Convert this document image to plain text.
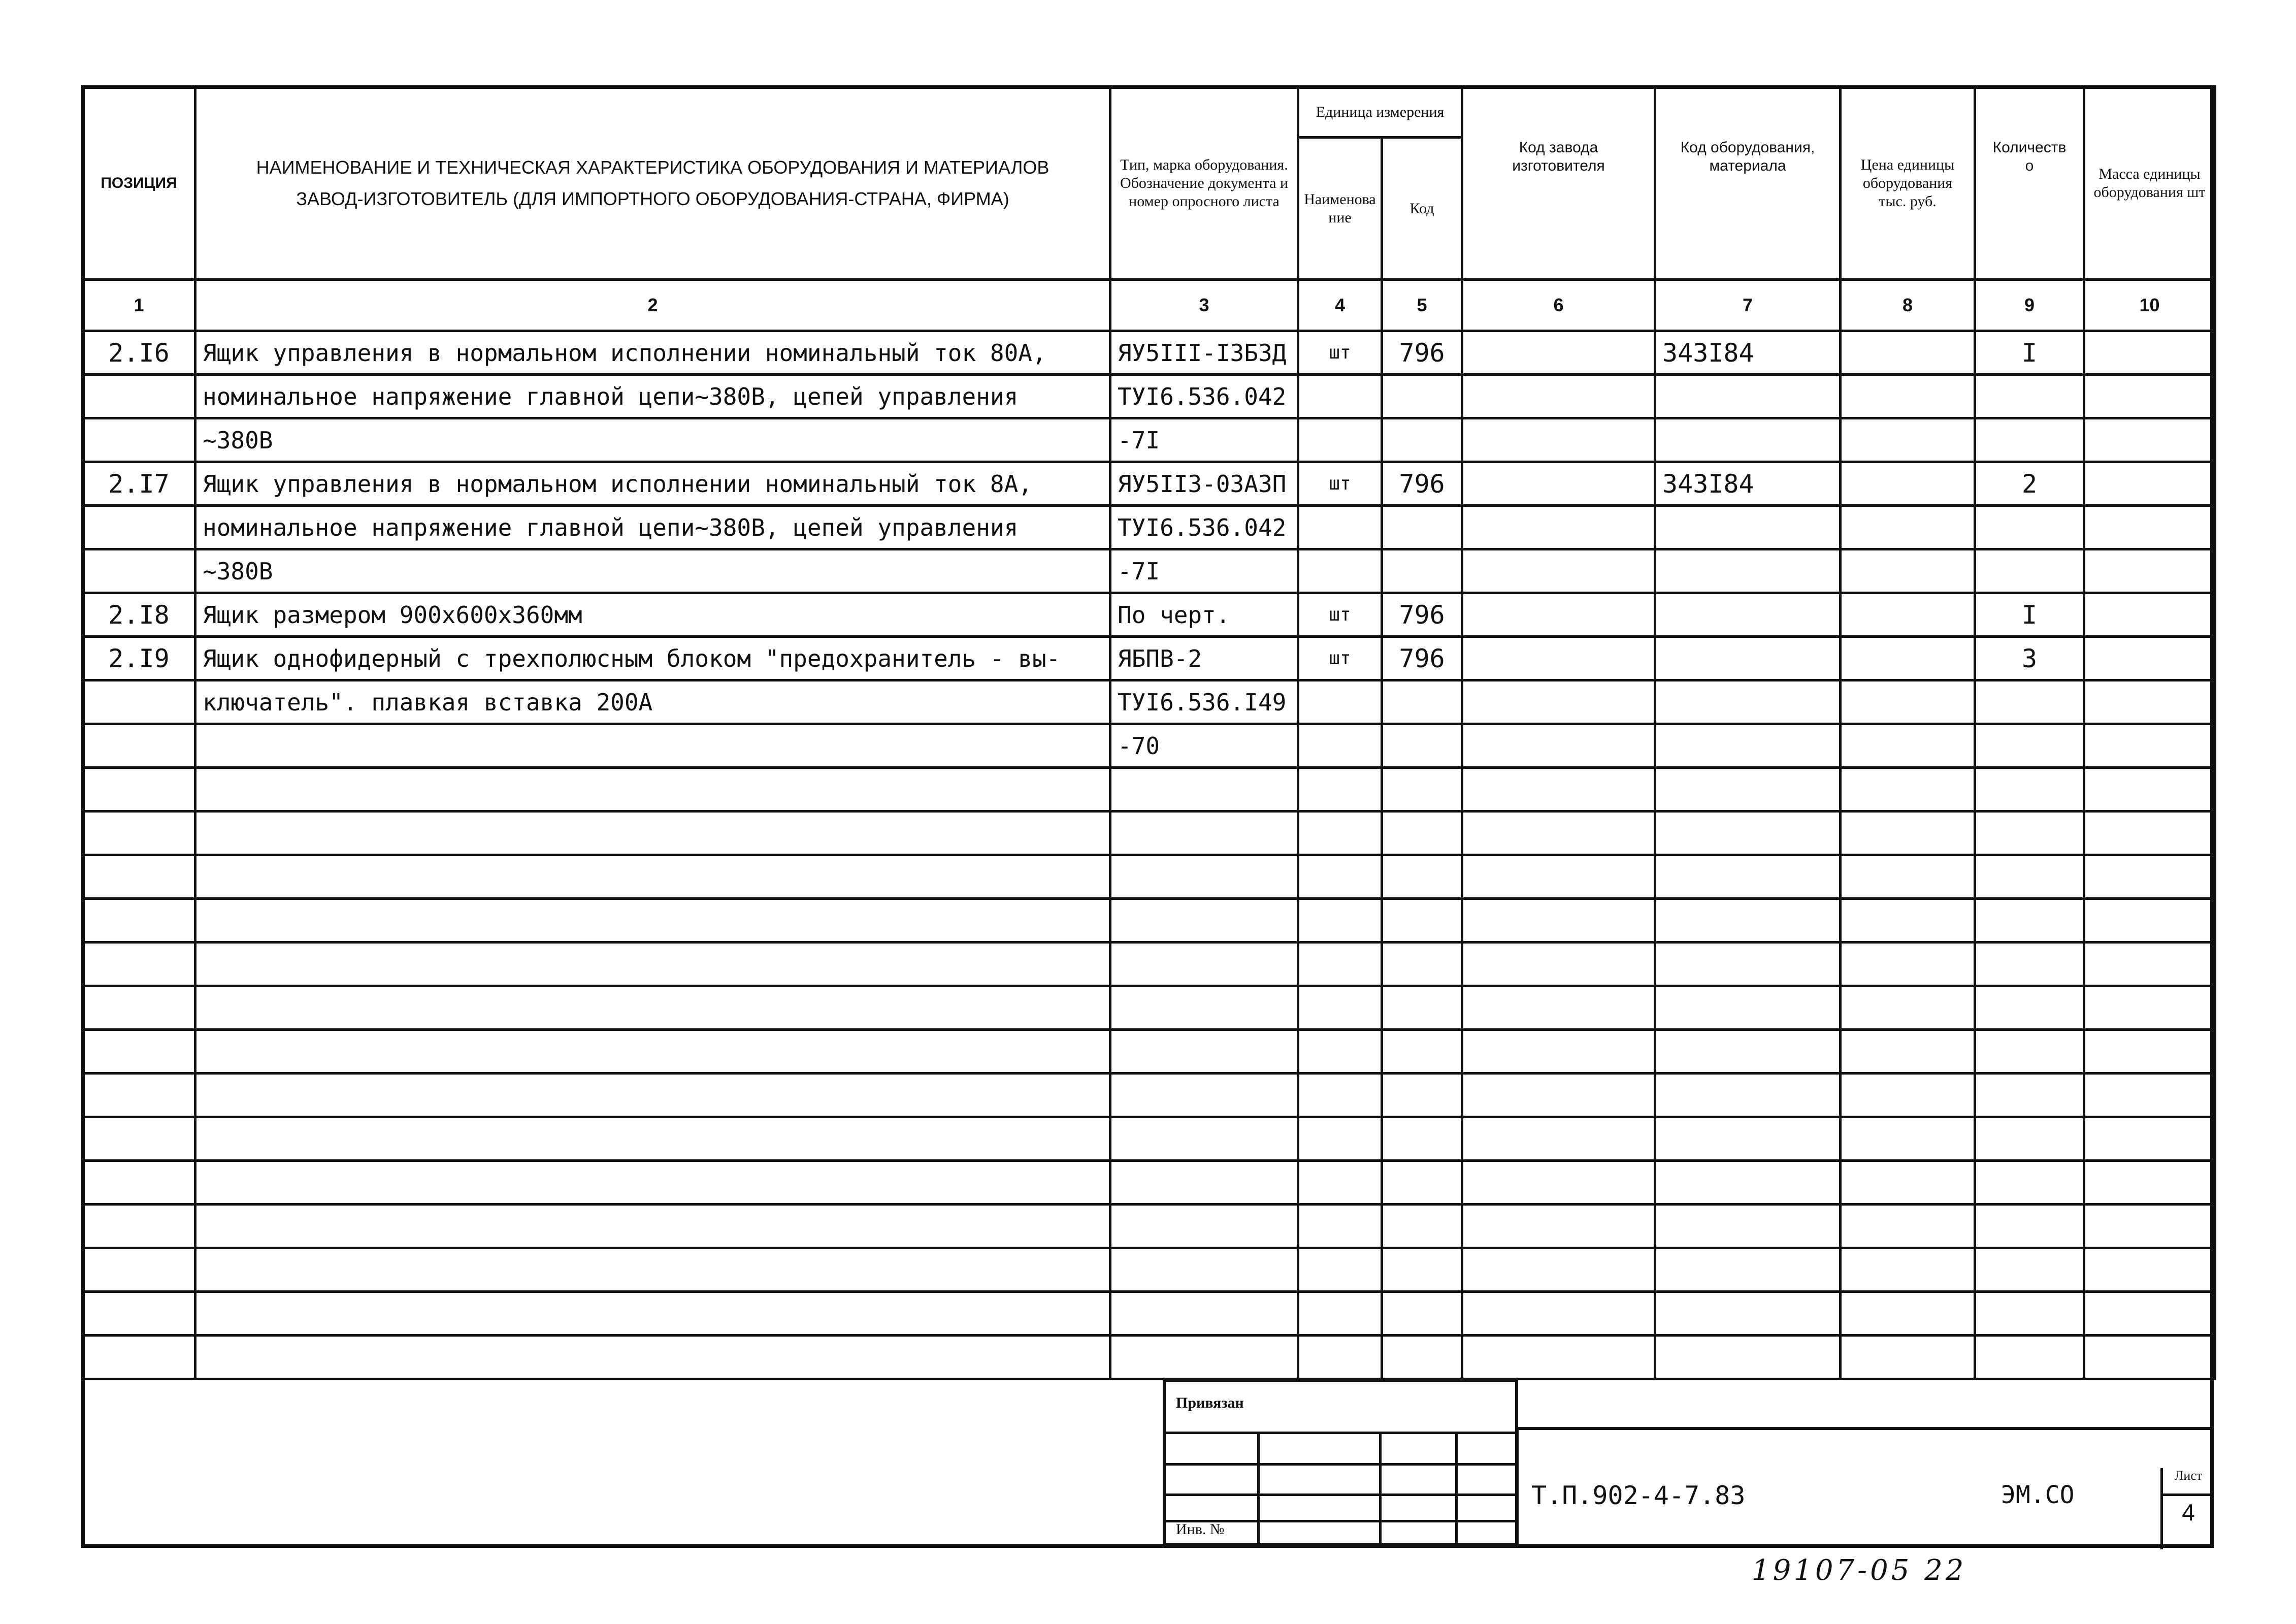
ПОЗИЦИЯ	НАИМЕНОВАНИЕ И ТЕХНИЧЕСКАЯ ХАРАКТЕРИСТИКА ОБОРУДОВАНИЯ И МАТЕРИАЛОВ
ЗАВОД-ИЗГОТОВИТЕЛЬ (ДЛЯ ИМПОРТНОГО ОБОРУДОВАНИЯ-СТРАНА, ФИРМА)	Тип, марка оборудования. Обозначение документа и номер опросного листа	Единица измерения		Код завода изготовителя	Код оборудования, материала	Цена единицы оборудования тыс. руб.	Количество	Масса единицы оборудования шт
			Наименование	Код					
1	2	3	4	5	6	7	8	9	10
2.I6	Ящик управления в нормальном исполнении номинальный ток 80А,	ЯУ5III-I3БЗД	шт	796		343I84		I	
	номинальное напряжение главной цепи~380В, цепей управления	ТУI6.536.042							
	~380В	-7I							
2.I7	Ящик управления в нормальном исполнении номинальный ток 8А,	ЯУ5II3-03А3П	шт	796		343I84		2	
	номинальное напряжение главной цепи~380В, цепей управления	ТУI6.536.042							
	~380В	-7I							
2.I8	Ящик размером 900х600х360мм	По черт.	шт	796				I	
2.I9	Ящик однофидерный с трехполюсным блоком "предохранитель - вы-	ЯБПВ-2	шт	796				3	
	ключатель". плавкая вставка 200А	ТУI6.536.I49							
		-70							

Привязан
Инв. №
Т.П.902-4-7.83	ЭМ.СО
Лист
4
19107-05 22
